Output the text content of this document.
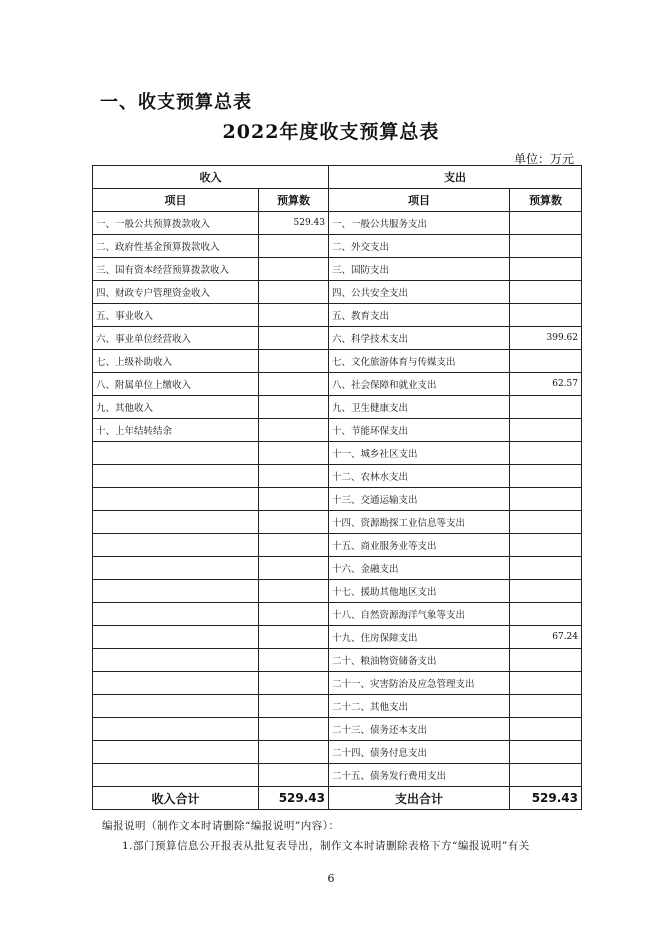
一、收支预算总表
2022年度收支预算总表
单位：万元
收入		支出	
项目	预算数	项目	预算数
一、一般公共预算拨款收入	529.43	一、一般公共服务支出	
二、政府性基金预算拨款收入		二、外交支出	
三、国有资本经营预算拨款收入		三、国防支出	
四、财政专户管理资金收入		四、公共安全支出	
五、事业收入		五、教育支出	
六、事业单位经营收入		六、科学技术支出	399.62
七、上级补助收入		七、文化旅游体育与传媒支出	
八、附属单位上缴收入		八、社会保障和就业支出	62.57
九、其他收入		九、卫生健康支出	
十、上年结转结余		十、节能环保支出	
		十一、城乡社区支出	
		十二、农林水支出	
		十三、交通运输支出	
		十四、资源勘探工业信息等支出	
		十五、商业服务业等支出	
		十六、金融支出	
		十七、援助其他地区支出	
		十八、自然资源海洋气象等支出	
		十九、住房保障支出	67.24
		二十、粮油物资储备支出	
		二十一、灾害防治及应急管理支出	
		二十二、其他支出	
		二十三、债务还本支出	
		二十四、债务付息支出	
		二十五、债务发行费用支出	
收入合计	529.43	支出合计	529.43
编报说明（制作文本时请删除“编报说明”内容）：
1.部门预算信息公开报表从批复表导出，制作文本时请删除表格下方“编报说明”有关
6
